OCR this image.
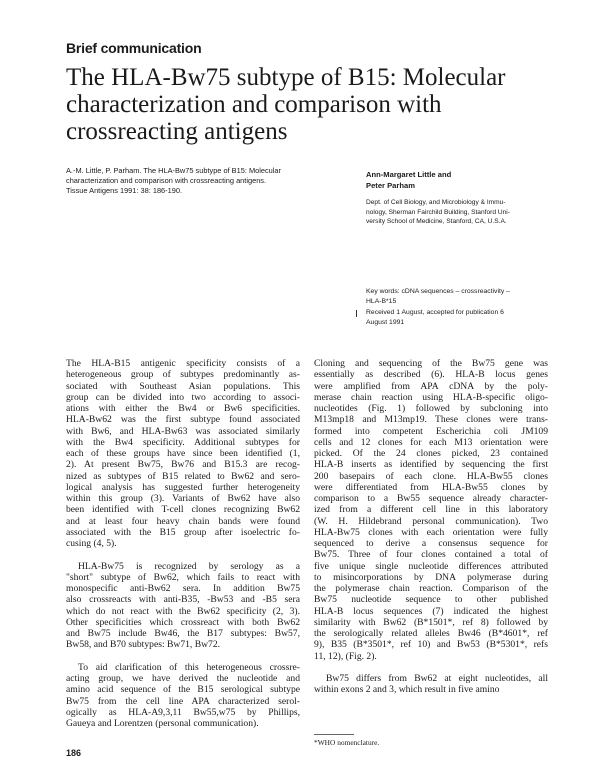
Brief communication
The HLA-Bw75 subtype of B15: Molecular
characterization and comparison with
crossreacting antigens
A.-M. Little, P. Parham. The HLA-Bw75 subtype of B15: Molecular
characterization and comparison with crossreacting antigens.
Tissue Antigens 1991: 38: 186-190.
Ann-Margaret Little and
Peter Parham
Dept. of Cell Biology, and Microbiology & Immu-
nology, Sherman Fairchild Building, Stanford Uni-
versity School of Medicine, Stanford, CA, U.S.A.
Key words: cDNA sequences – crossreactivity –
HLA-B*15
Received 1 August, accepted for publication 6
August 1991
The HLA-B15 antigenic specificity consists of a
heterogeneous group of subtypes predominantly as-
sociated with Southeast Asian populations. This
group can be divided into two according to associ-
ations with either the Bw4 or Bw6 specificities.
HLA-Bw62 was the first subtype found associated
with Bw6, and HLA-Bw63 was associated similarly
with the Bw4 specificity. Additional subtypes for
each of these groups have since been identified (1,
2). At present Bw75, Bw76 and B15.3 are recog-
nized as subtypes of B15 related to Bw62 and sero-
logical analysis has suggested further heterogeneity
within this group (3). Variants of Bw62 have also
been identified with T-cell clones recognizing Bw62
and at least four heavy chain bands were found
associated with the B15 group after isoelectric fo-
cusing (4, 5).
HLA-Bw75 is recognized by serology as a
"short" subtype of Bw62, which fails to react with
monospecific anti-Bw62 sera. In addition Bw75
also crossreacts with anti-B35, -Bw53 and -B5 sera
which do not react with the Bw62 specificity (2, 3).
Other specificities which crossreact with both Bw62
and Bw75 include Bw46, the B17 subtypes: Bw57,
Bw58, and B70 subtypes: Bw71, Bw72.
To aid clarification of this heterogeneous crossre-
acting group, we have derived the nucleotide and
amino acid sequence of the B15 serological subtype
Bw75 from the cell line APA characterized serol-
ogically as HLA-A9,3,11 Bw55,w75 by Phillips,
Gaueya and Lorentzen (personal communication).
Cloning and sequencing of the Bw75 gene was
essentially as described (6). HLA-B locus genes
were amplified from APA cDNA by the poly-
merase chain reaction using HLA-B-specific oligo-
nucleotides (Fig. 1) followed by subcloning into
M13mp18 and M13mp19. These clones were trans-
formed into competent Escherichia coli JM109
cells and 12 clones for each M13 orientation were
picked. Of the 24 clones picked, 23 contained
HLA-B inserts as identified by sequencing the first
200 basepairs of each clone. HLA-Bw55 clones
were differentiated from HLA-Bw55 clones by
comparison to a Bw55 sequence already character-
ized from a different cell line in this laboratory
(W. H. Hildebrand personal communication). Two
HLA-Bw75 clones with each orientation were fully
sequenced to derive a consensus sequence for
Bw75. Three of four clones contained a total of
five unique single nucleotide differences attributed
to misincorporations by DNA polymerase during
the polymerase chain reaction. Comparison of the
Bw75 nucleotide sequence to other published
HLA-B locus sequences (7) indicated the highest
similarity with Bw62 (B*1501*, ref 8) followed by
the serologically related alleles Bw46 (B*4601*, ref
9), B35 (B*3501*, ref 10) and Bw53 (B*5301*, refs
11, 12), (Fig. 2).
Bw75 differs from Bw62 at eight nucleotides, all
within exons 2 and 3, which result in five amino
*WHO nomenclature.
186
